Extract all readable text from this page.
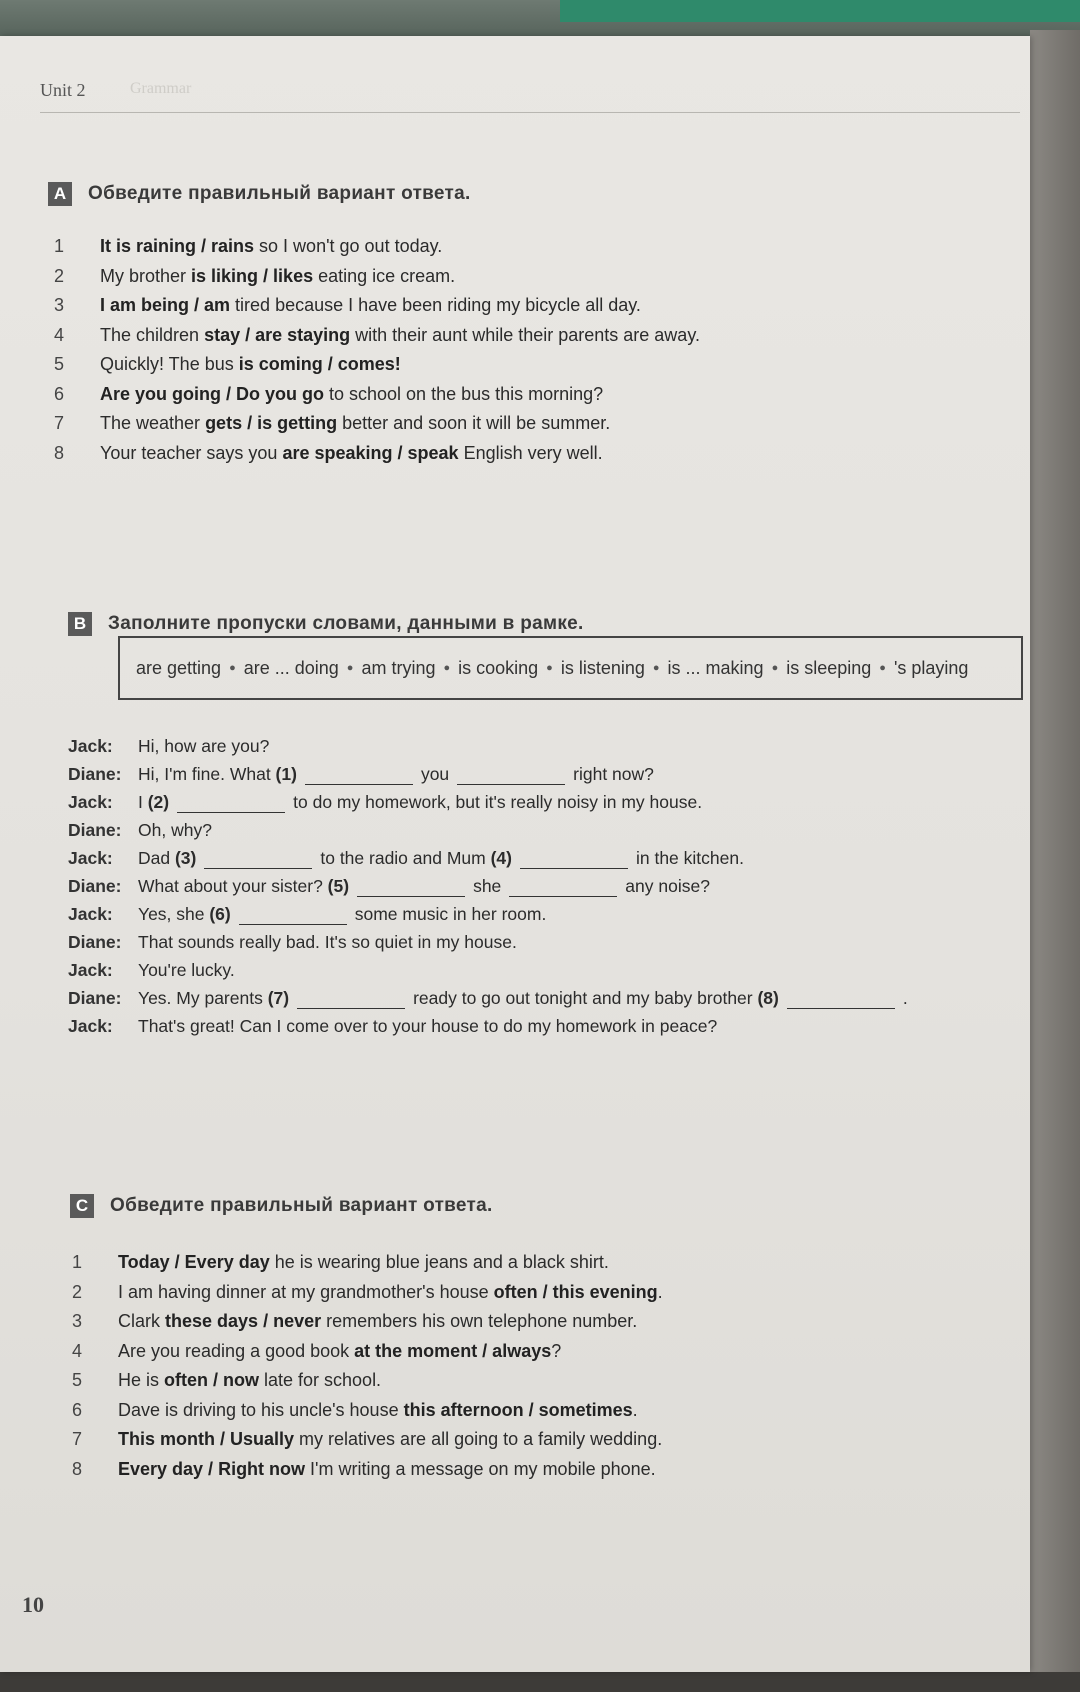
Unit 2	Grammar
A	Обведите правильный вариант ответа.
1	It is raining / rains so I won't go out today.
2	My brother is liking / likes eating ice cream.
3	I am being / am tired because I have been riding my bicycle all day.
4	The children stay / are staying with their aunt while their parents are away.
5	Quickly! The bus is coming / comes!
6	Are you going / Do you go to school on the bus this morning?
7	The weather gets / is getting better and soon it will be summer.
8	Your teacher says you are speaking / speak English very well.
B	Заполните пропуски словами, данными в рамке.
are getting ● are ... doing ● am trying ● is cooking ● is listening ● is ... making ● is sleeping ● 's playing
Jack:	Hi, how are you?
Diane: Hi, I'm fine. What (1)	you	right now?
Jack:	I (2)	to do my homework, but it's really noisy in my house.
Diane: Oh, why?
Jack:	Dad (3)	to the radio and Mum (4)	in the kitchen.
Diane: What about your sister? (5)	she	any noise?
Jack:	Yes, she (6)	some music in her room.
Diane: That sounds really bad. It's so quiet in my house.
Jack:	You're lucky.
Diane: Yes. My parents (7)	ready to go out tonight and my baby brother (8)	.
Jack:	That's great! Can I come over to your house to do my homework in peace?
C	Обведите правильный вариант ответа.
1	Today / Every day he is wearing blue jeans and a black shirt.
2	I am having dinner at my grandmother's house often / this evening.
3	Clark these days / never remembers his own telephone number.
4	Are you reading a good book at the moment / always?
5	He is often / now late for school.
6	Dave is driving to his uncle's house this afternoon / sometimes.
7	This month / Usually my relatives are all going to a family wedding.
8	Every day / Right now I'm writing a message on my mobile phone.
10
